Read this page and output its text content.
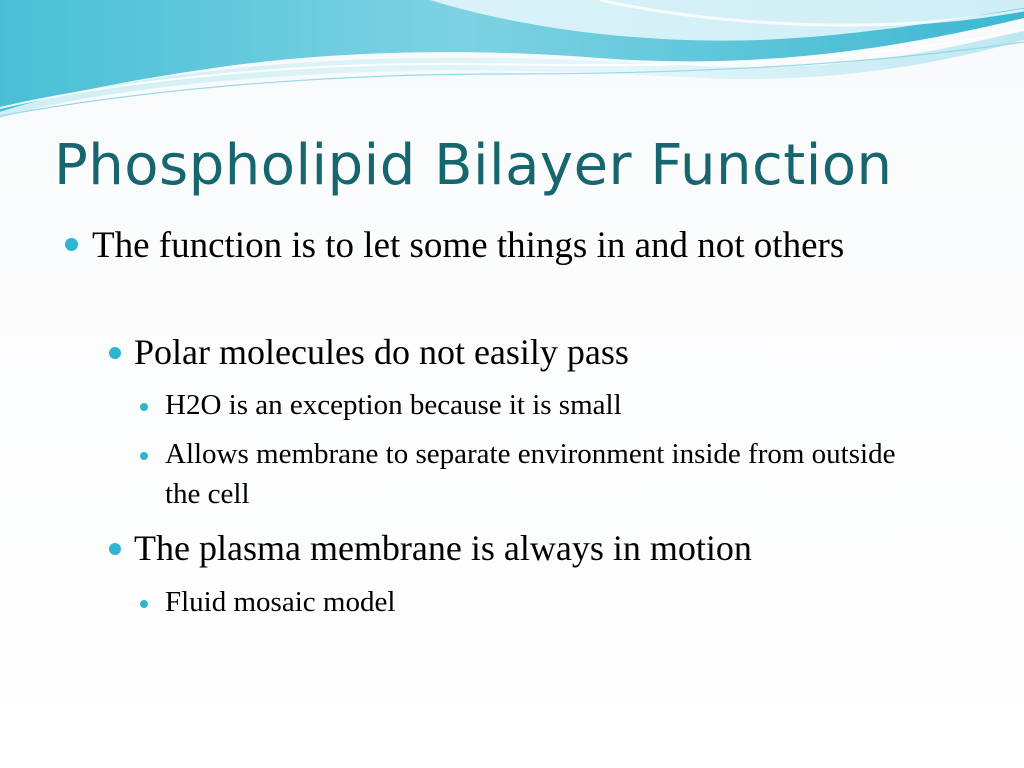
Phospholipid Bilayer Function
The function is to let some things in and not others
Polar molecules do not easily pass
H2O is an exception because it is small
Allows membrane to separate environment inside from outside the cell
The plasma membrane is always in motion
Fluid mosaic model
